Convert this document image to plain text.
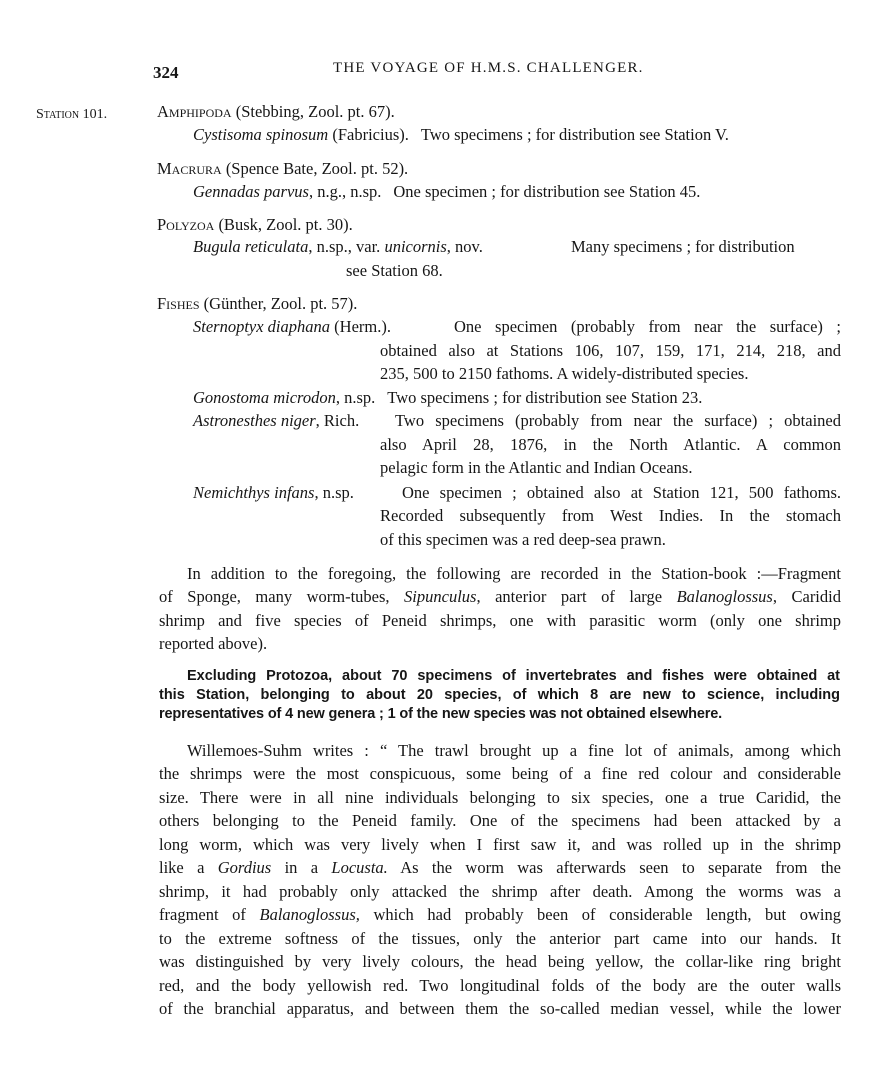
324	THE VOYAGE OF H.M.S. CHALLENGER.
Station 101.	Amphipoda (Stebbing, Zool. pt. 67).
Cystisoma spinosum (Fabricius). Two specimens ; for distribution see Station V.
Macrura (Spence Bate, Zool. pt. 52).
Gennadas parvus, n.g., n.sp. One specimen ; for distribution see Station 45.
Polyzoa (Busk, Zool. pt. 30).
Bugula reticulata, n.sp., var. unicornis, nov.	Many specimens ; for distribution
see Station 68.
Fishes (Günther, Zool. pt. 57).
Sternoptyx diaphana (Herm.).	One specimen (probably from near the surface) ;
obtained also at Stations 106, 107, 159, 171, 214, 218, and
235, 500 to 2150 fathoms. A widely-distributed species.
Gonostoma microdon, n.sp. Two specimens ; for distribution see Station 23.
Astronesthes niger, Rich. Two specimens (probably from near the surface) ; obtained
also April 28, 1876, in the North Atlantic. A common
pelagic form in the Atlantic and Indian Oceans.
Nemichthys infans, n.sp.	One specimen ; obtained also at Station 121, 500 fathoms.
Recorded subsequently from West Indies. In the stomach
of this specimen was a red deep-sea prawn.
In addition to the foregoing, the following are recorded in the Station-book :—Fragment
of Sponge, many worm-tubes, Sipunculus, anterior part of large Balanoglossus, Caridid
shrimp and five species of Peneid shrimps, one with parasitic worm (only one shrimp
reported above).
Excluding Protozoa, about 70 specimens of invertebrates and fishes were obtained at
this Station, belonging to about 20 species, of which 8 are new to science, including
representatives of 4 new genera ; 1 of the new species was not obtained elsewhere.
Willemoes-Suhm writes : “ The trawl brought up a fine lot of animals, among which
the shrimps were the most conspicuous, some being of a fine red colour and considerable
size. There were in all nine individuals belonging to six species, one a true Caridid, the
others belonging to the Peneid family. One of the specimens had been attacked by a
long worm, which was very lively when I first saw it, and was rolled up in the shrimp
like a Gordius in a Locusta. As the worm was afterwards seen to separate from the
shrimp, it had probably only attacked the shrimp after death. Among the worms was a
fragment of Balanoglossus, which had probably been of considerable length, but owing
to the extreme softness of the tissues, only the anterior part came into our hands. It
was distinguished by very lively colours, the head being yellow, the collar-like ring bright
red, and the body yellowish red. Two longitudinal folds of the body are the outer walls
of the branchial apparatus, and between them the so-called median vessel, while the lower
